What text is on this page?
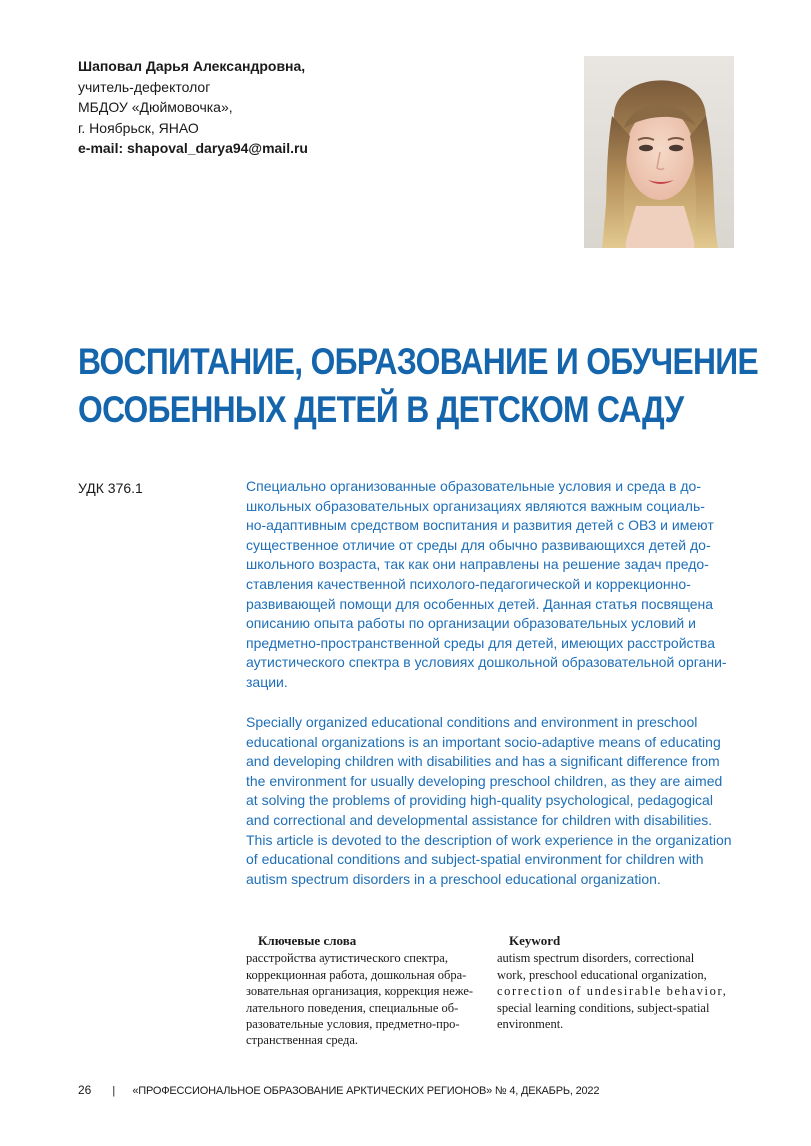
Шаповал Дарья Александровна,
учитель-дефектолог
МБДОУ «Дюймовочка»,
г. Ноябрьск, ЯНАО
e-mail: shapoval_darya94@mail.ru
ВОСПИТАНИЕ, ОБРАЗОВАНИЕ И ОБУЧЕНИЕ
ОСОБЕННЫХ ДЕТЕЙ В ДЕТСКОМ САДУ
УДК 376.1	Специально организованные образовательные условия и среда в до-
школьных образовательных организациях являются важным социаль-
но-адаптивным средством воспитания и развития детей с ОВЗ и имеют
существенное отличие от среды для обычно развивающихся детей до-
школьного возраста, так как они направлены на решение задач предо-
ставления качественной психолого-педагогической и коррекционно-
развивающей помощи для особенных детей. Данная статья посвящена
описанию опыта работы по организации образовательных условий и
предметно-пространственной среды для детей, имеющих расстройства
аутистического спектра в условиях дошкольной образовательной органи-
зации.
Specially organized educational conditions and environment in preschool
educational organizations is an important socio-adaptive means of educating
and developing children with disabilities and has a significant difference from
the environment for usually developing preschool children, as they are aimed
at solving the problems of providing high-quality psychological, pedagogical
and correctional and developmental assistance for children with disabilities.
This article is devoted to the description of work experience in the organization
of educational conditions and subject-spatial environment for children with
autism spectrum disorders in a preschool educational organization.
Ключевые слова
расстройства аутистического спектра,
коррекционная работа, дошкольная обра-
зовательная организация, коррекция неже-
лательного поведения, специальные об-
разовательные условия, предметно-про-
странственная среда.
Keyword
autism spectrum disorders, correctional
work, preschool educational organization,
correction of undesirable behavior,
special learning conditions, subject-spatial
environment.
26 | «ПРОФЕССИОНАЛЬНОЕ ОБРАЗОВАНИЕ АРКТИЧЕСКИХ РЕГИОНОВ» № 4, ДЕКАБРЬ, 2022
